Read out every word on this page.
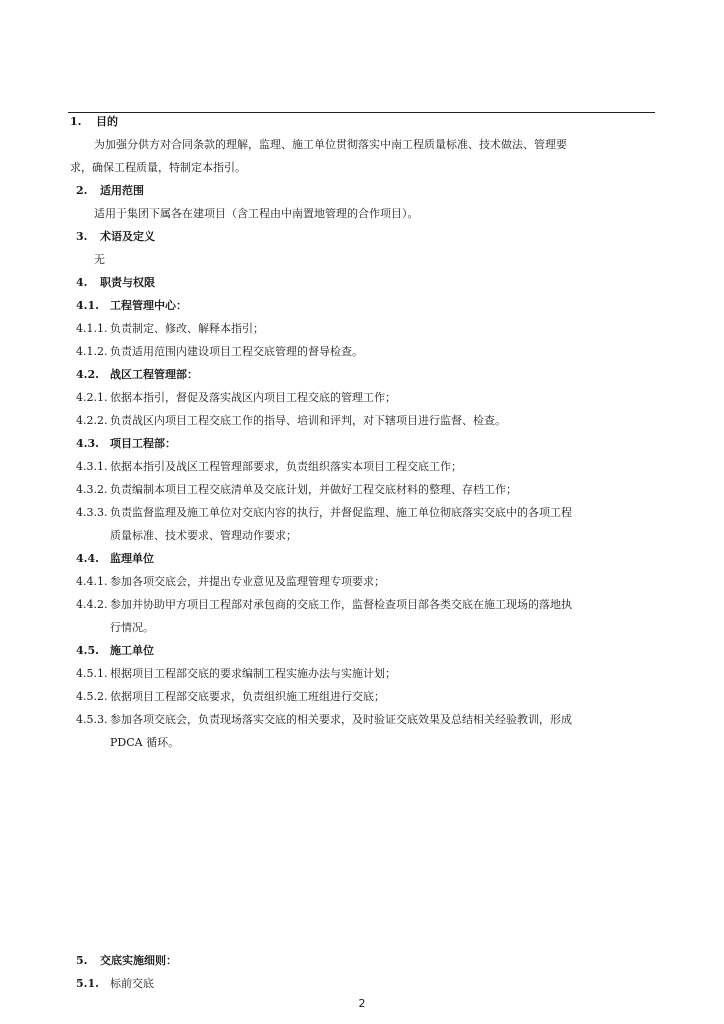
1. 目的
为加强分供方对合同条款的理解，监理、施工单位贯彻落实中南工程质量标准、技术做法、管理要
求，确保工程质量，特制定本指引。
2. 适用范围
适用于集团下属各在建项目（含工程由中南置地管理的合作项目）。
3. 术语及定义
无
4. 职责与权限
4.1. 工程管理中心：
4.1.1. 负责制定、修改、解释本指引；
4.1.2. 负责适用范围内建设项目工程交底管理的督导检查。
4.2. 战区工程管理部：
4.2.1. 依据本指引，督促及落实战区内项目工程交底的管理工作；
4.2.2. 负责战区内项目工程交底工作的指导、培训和评判，对下辖项目进行监督、检查。
4.3. 项目工程部：
4.3.1. 依据本指引及战区工程管理部要求，负责组织落实本项目工程交底工作；
4.3.2. 负责编制本项目工程交底清单及交底计划，并做好工程交底材料的整理、存档工作；
4.3.3. 负责监督监理及施工单位对交底内容的执行，并督促监理、施工单位彻底落实交底中的各项工程
质量标准、技术要求、管理动作要求；
4.4. 监理单位
4.4.1. 参加各项交底会，并提出专业意见及监理管理专项要求；
4.4.2. 参加并协助甲方项目工程部对承包商的交底工作，监督检查项目部各类交底在施工现场的落地执
行情况。
4.5. 施工单位
4.5.1. 根据项目工程部交底的要求编制工程实施办法与实施计划；
4.5.2. 依据项目工程部交底要求，负责组织施工班组进行交底；
4.5.3. 参加各项交底会，负责现场落实交底的相关要求，及时验证交底效果及总结相关经验教训，形成
PDCA 循环。
5. 交底实施细则：
5.1. 标前交底
2
